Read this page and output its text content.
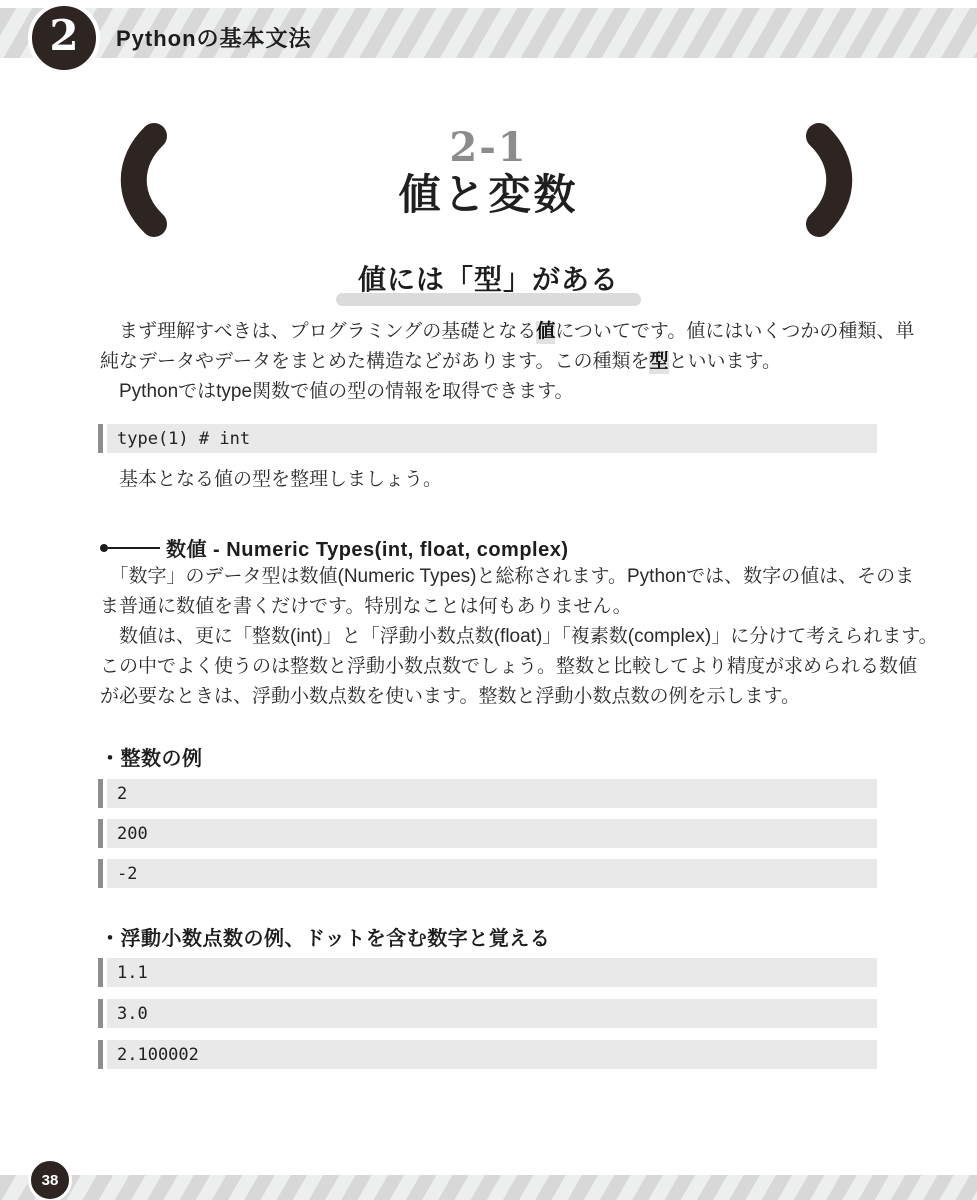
2 Pythonの基本文法
2-1
値と変数
値には「型」がある
　まず理解すべきは、プログラミングの基礎となる値についてです。値にはいくつかの種類、単
純なデータやデータをまとめた構造などがあります。この種類を型といいます。
　Pythonではtype関数で値の型の情報を取得できます。
type(1) # int
　基本となる値の型を整理しましょう。
数値 - Numeric Types(int, float, complex)
　「数字」のデータ型は数値(Numeric Types)と総称されます。Pythonでは、数字の値は、そのま
ま普通に数値を書くだけです。特別なことは何もありません。
　数値は、更に「整数(int)」と「浮動小数点数(float)」「複素数(complex)」に分けて考えられます。
この中でよく使うのは整数と浮動小数点数でしょう。整数と比較してより精度が求められる数値
が必要なときは、浮動小数点数を使います。整数と浮動小数点数の例を示します。
・整数の例
2
200
-2
・浮動小数点数の例、ドットを含む数字と覚える
1.1
3.0
2.100002
38
